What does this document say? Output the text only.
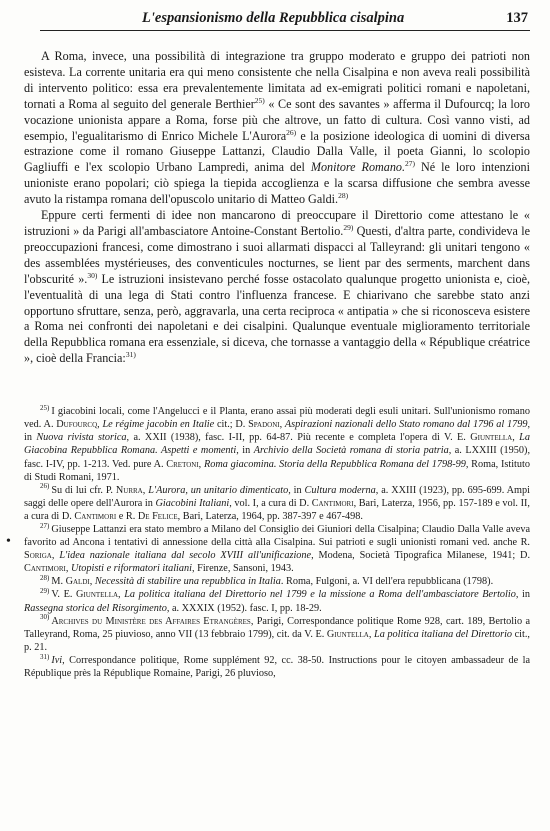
L'espansionismo della Repubblica cisalpina	137
•

A Roma, invece, una possibilità di integrazione tra gruppo moderato e gruppo dei patrioti non esisteva. La corrente unitaria era qui meno consistente che nella Cisalpina e non aveva reali possibilità di intervento politico: essa era prevalentemente limitata ad ex-emigrati politici romani e napoletani, tornati a Roma al seguito del generale Berthier$^{25)}$ « Ce sont des savantes » afferma il Dufourcq; la loro vocazione unionista appare a Roma, forse più che altrove, un fatto di cultura. Così vanno visti, ad esempio, l'egualitarismo di Enrico Michele L'Aurora$^{26)}$ e la posizione ideologica di uomini di diversa estrazione come il romano Giuseppe Lattanzi, Claudio Dalla Valle, il poeta Gianni, lo scolopio Gagliuffi e l'ex scolopio Urbano Lampredi, anima del Monitore Romano.$^{27)}$ Né le loro intenzioni unioniste erano popolari; ciò spiega la tiepida accoglienza e la scarsa diffusione che sembra avesse avuto la ristampa romana dell'opuscolo unitario di Matteo Galdi.$^{28)}$

Eppure certi fermenti di idee non mancarono di preoccupare il Direttorio come attestano le « istruzioni » da Parigi all'ambasciatore Antoine-Constant Bertolio.$^{29)}$ Questi, d'altra parte, condivideva le preoccupazioni francesi, come dimostrano i suoi allarmati dispacci al Talleyrand: gli unitari tengono « des assemblées mystérieuses, des conventicules nocturnes, se lient par des serments, marchent dans l'obscurité ».$^{30)}$ Le istruzioni insistevano perché fosse ostacolato qualunque progetto unionista e, cioè, l'eventualità di una lega di Stati contro l'influenza francese. E chiarivano che sarebbe stato anzi opportuno sfruttare, senza, però, aggravarla, una certa reciproca « antipatia » che si riconosceva esistere a Roma nei confronti dei napoletani e dei cisalpini. Qualunque eventuale miglioramento territoriale della Repubblica romana era essenziale, si diceva, che tornasse a vantaggio della « République créatrice », cioè della Francia:$^{31)}$

$^{25)}$ I giacobini locali, come l'Angelucci e il Planta, erano assai più moderati degli esuli unitari. Sull'unionismo romano ved. A. Dufourcq, Le régime jacobin en Italie cit.; D. Spadoni, Aspirazioni nazionali dello Stato romano dal 1796 al 1799, in Nuova rivista storica, a. XXII (1938), fasc. I-II, pp. 64-87. Più recente e completa l'opera di V. E. Giuntella, La Giacobina Repubblica Romana. Aspetti e momenti, in Archivio della Società romana di storia patria, a. LXXIII (1950), fasc. I-IV, pp. 1-213. Ved. pure A. Cretoni, Roma giacomina. Storia della Repubblica Romana del 1798-99, Roma, Istituto di Studi Romani, 1971.

$^{26)}$ Su di lui cfr. P. Nurra, L'Aurora, un unitario dimenticato, in Cultura moderna, a. XXIII (1923), pp. 695-699. Ampi saggi delle opere dell'Aurora in Giacobini Italiani, vol. I, a cura di D. Cantimori, Bari, Laterza, 1956, pp. 157-189 e vol. II, a cura di D. Cantimori e R. De Felice, Bari, Laterza, 1964, pp. 387-397 e 467-498.

$^{27)}$ Giuseppe Lattanzi era stato membro a Milano del Consiglio dei Giuniori della Cisalpina; Claudio Dalla Valle aveva favorito ad Ancona i tentativi di annessione della città alla Cisalpina. Sui patrioti e sugli unionisti romani ved. anche R. Soriga, L'idea nazionale italiana dal secolo XVIII all'unificazione, Modena, Società Tipografica Milanese, 1941; D. Cantimori, Utopisti e riformatori italiani, Firenze, Sansoni, 1943.

$^{28)}$ M. Galdi, Necessità di stabilire una repubblica in Italia. Roma, Fulgoni, a. VI dell'era repubblicana (1798).

$^{29)}$ V. E. Giuntella, La politica italiana del Direttorio nel 1799 e la missione a Roma dell'ambasciatore Bertolio, in Rassegna storica del Risorgimento, a. XXXIX (1952). fasc. I, pp. 18-29.

$^{30)}$ Archives du Ministère des Affaires Etrangères, Parigi, Correspondance politique Rome 928, cart. 189, Bertolio a Talleyrand, Roma, 25 piuvioso, anno VII (13 febbraio 1799), cit. da V. E. Giuntella, La politica italiana del Direttorio cit., p. 21.

$^{31)}$ Ivi, Correspondance politique, Rome supplément 92, cc. 38-50. Instructions pour le citoyen ambassadeur de la République près la République Romaine, Parigi, 26 pluvioso,
